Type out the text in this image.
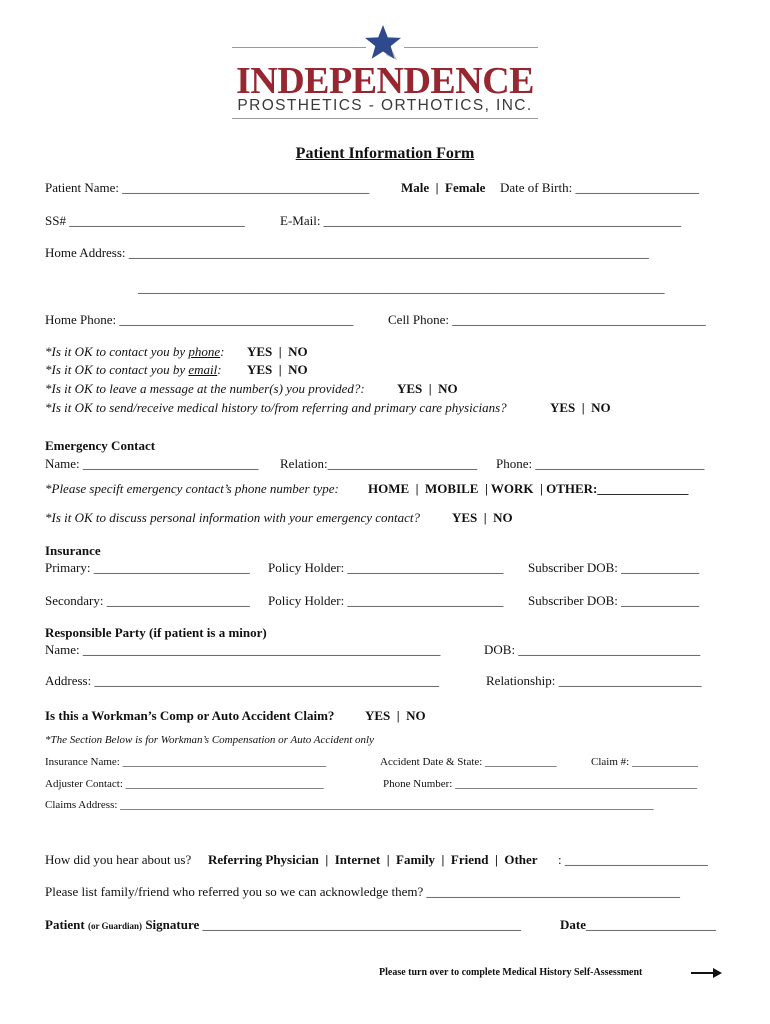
INDEPENDENCE
PROSTHETICS - ORTHOTICS, INC.
Patient Information Form
Patient Name: ______________________________________ Male  |  Female Date of Birth: ___________________
SS# ___________________________	E-Mail: _______________________________________________________
Home Address: ________________________________________________________________________________
_________________________________________________________________________________
Home Phone: ____________________________________	Cell Phone: _______________________________________
*Is it OK to contact you by phone: YES  |  NO
*Is it OK to contact you by email: YES  |  NO
*Is it OK to leave a message at the number(s) you provided?: YES  |  NO
*Is it OK to send/receive medical history to/from referring and primary care physicians?	YES  |  NO
Emergency Contact
Name: ___________________________ Relation:_______________________ Phone: __________________________
*Please specift emergency contact’s phone number type: HOME  |  MOBILE  | WORK  | OTHER:______________
*Is it OK to discuss personal information with your emergency contact? YES  |  NO
Insurance
Primary: ________________________ Policy Holder: ________________________ Subscriber DOB: ____________
Secondary: ______________________ Policy Holder: ________________________ Subscriber DOB: ____________
Responsible Party (if patient is a minor)
Name: _______________________________________________________	DOB: ____________________________
Address: _____________________________________________________	Relationship: ______________________
Is this a Workman’s Comp or Auto Accident Claim? YES  |  NO
*The Section Below is for Workman’s Compensation or Auto Accident only
Insurance Name: _____________________________________	Accident Date & State: _____________	Claim #: ____________
Adjuster Contact: ____________________________________	Phone Number: ____________________________________________
Claims Address: _________________________________________________________________________________________________
How did you hear about us? Referring Physician  |  Internet  |  Family  |  Friend  |  Other : ______________________
Please list family/friend who referred you so we can acknowledge them? _______________________________________
Patient (or Guardian) Signature _________________________________________________	Date____________________
Please turn over to complete Medical History Self-Assessment
